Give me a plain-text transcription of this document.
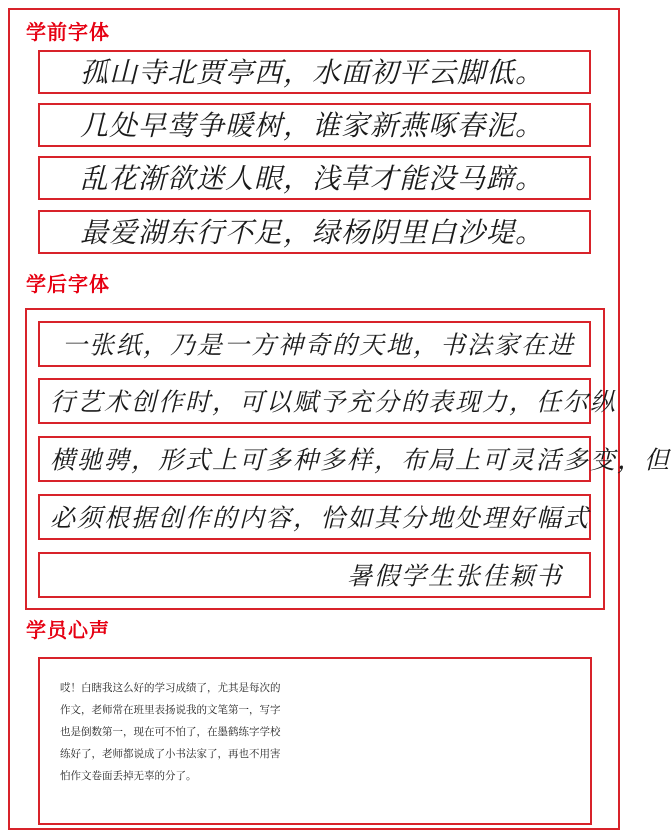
学前字体
孤山寺北贾亭西，水面初平云脚低。
几处早莺争暖树，谁家新燕啄春泥。
乱花渐欲迷人眼，浅草才能没马蹄。
最爱湖东行不足，绿杨阴里白沙堤。
学后字体
一张纸，乃是一方神奇的天地，书法家在进
行艺术创作时，可以赋予充分的表现力，任尔纵
横驰骋，形式上可多种多样，布局上可灵活多变，但
必须根据创作的内容，恰如其分地处理好幅式
暑假学生张佳颖书
学员心声
哎！白瞎我这么好的学习成绩了，尤其是每次的作文，老师常在班里表扬说我的文笔第一，写字也是倒数第一，现在可不怕了，在墨鹤练字学校练好了，老师都说成了小书法家了，再也不用害怕作文卷面丢掉无辜的分了。
